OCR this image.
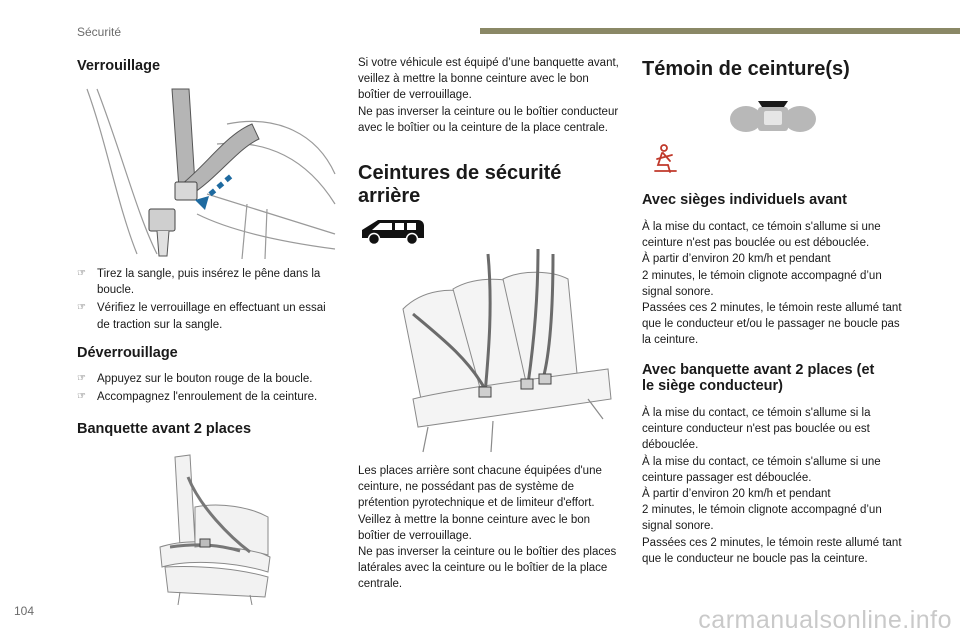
Sécurité
Verrouillage
☞ Tirez la sangle, puis insérez le pêne dans la boucle.
☞ Vérifiez le verrouillage en effectuant un essai de traction sur la sangle.
Déverrouillage
☞ Appuyez sur le bouton rouge de la boucle.
☞ Accompagnez l'enroulement de la ceinture.
Banquette avant 2 places

Si votre véhicule est équipé d’une banquette avant, veillez à mettre la bonne ceinture avec le bon boîtier de verrouillage.
Ne pas inverser la ceinture ou le boîtier conducteur avec le boîtier ou la ceinture de la place centrale.

Ceintures de sécurité
arrière

Les places arrière sont chacune équipées d'une ceinture, ne possédant pas de système de prétention pyrotechnique et de limiteur d'effort.
Veillez à mettre la bonne ceinture avec le bon boîtier de verrouillage.
Ne pas inverser la ceinture ou le boîtier des places latérales avec la ceinture ou le boîtier de la place centrale.

Témoin de ceinture(s)
Avec sièges individuels avant

À la mise du contact, ce témoin s'allume si une ceinture n'est pas bouclée ou est débouclée.
À partir d’environ 20 km/h et pendant
2 minutes, le témoin clignote accompagné d’un signal sonore.
Passées ces 2 minutes, le témoin reste allumé tant que le conducteur et/ou le passager ne boucle pas la ceinture.

Avec banquette avant 2 places (et
le siège conducteur)

À la mise du contact, ce témoin s'allume si la ceinture conducteur n'est pas bouclée ou est débouclée.
À la mise du contact, ce témoin s'allume si une ceinture passager est débouclée.
À partir d’environ 20 km/h et pendant
2 minutes, le témoin clignote accompagné d’un signal sonore.
Passées ces 2 minutes, le témoin reste allumé tant que le conducteur ne boucle pas la ceinture.

104	carmanualsonline.info
